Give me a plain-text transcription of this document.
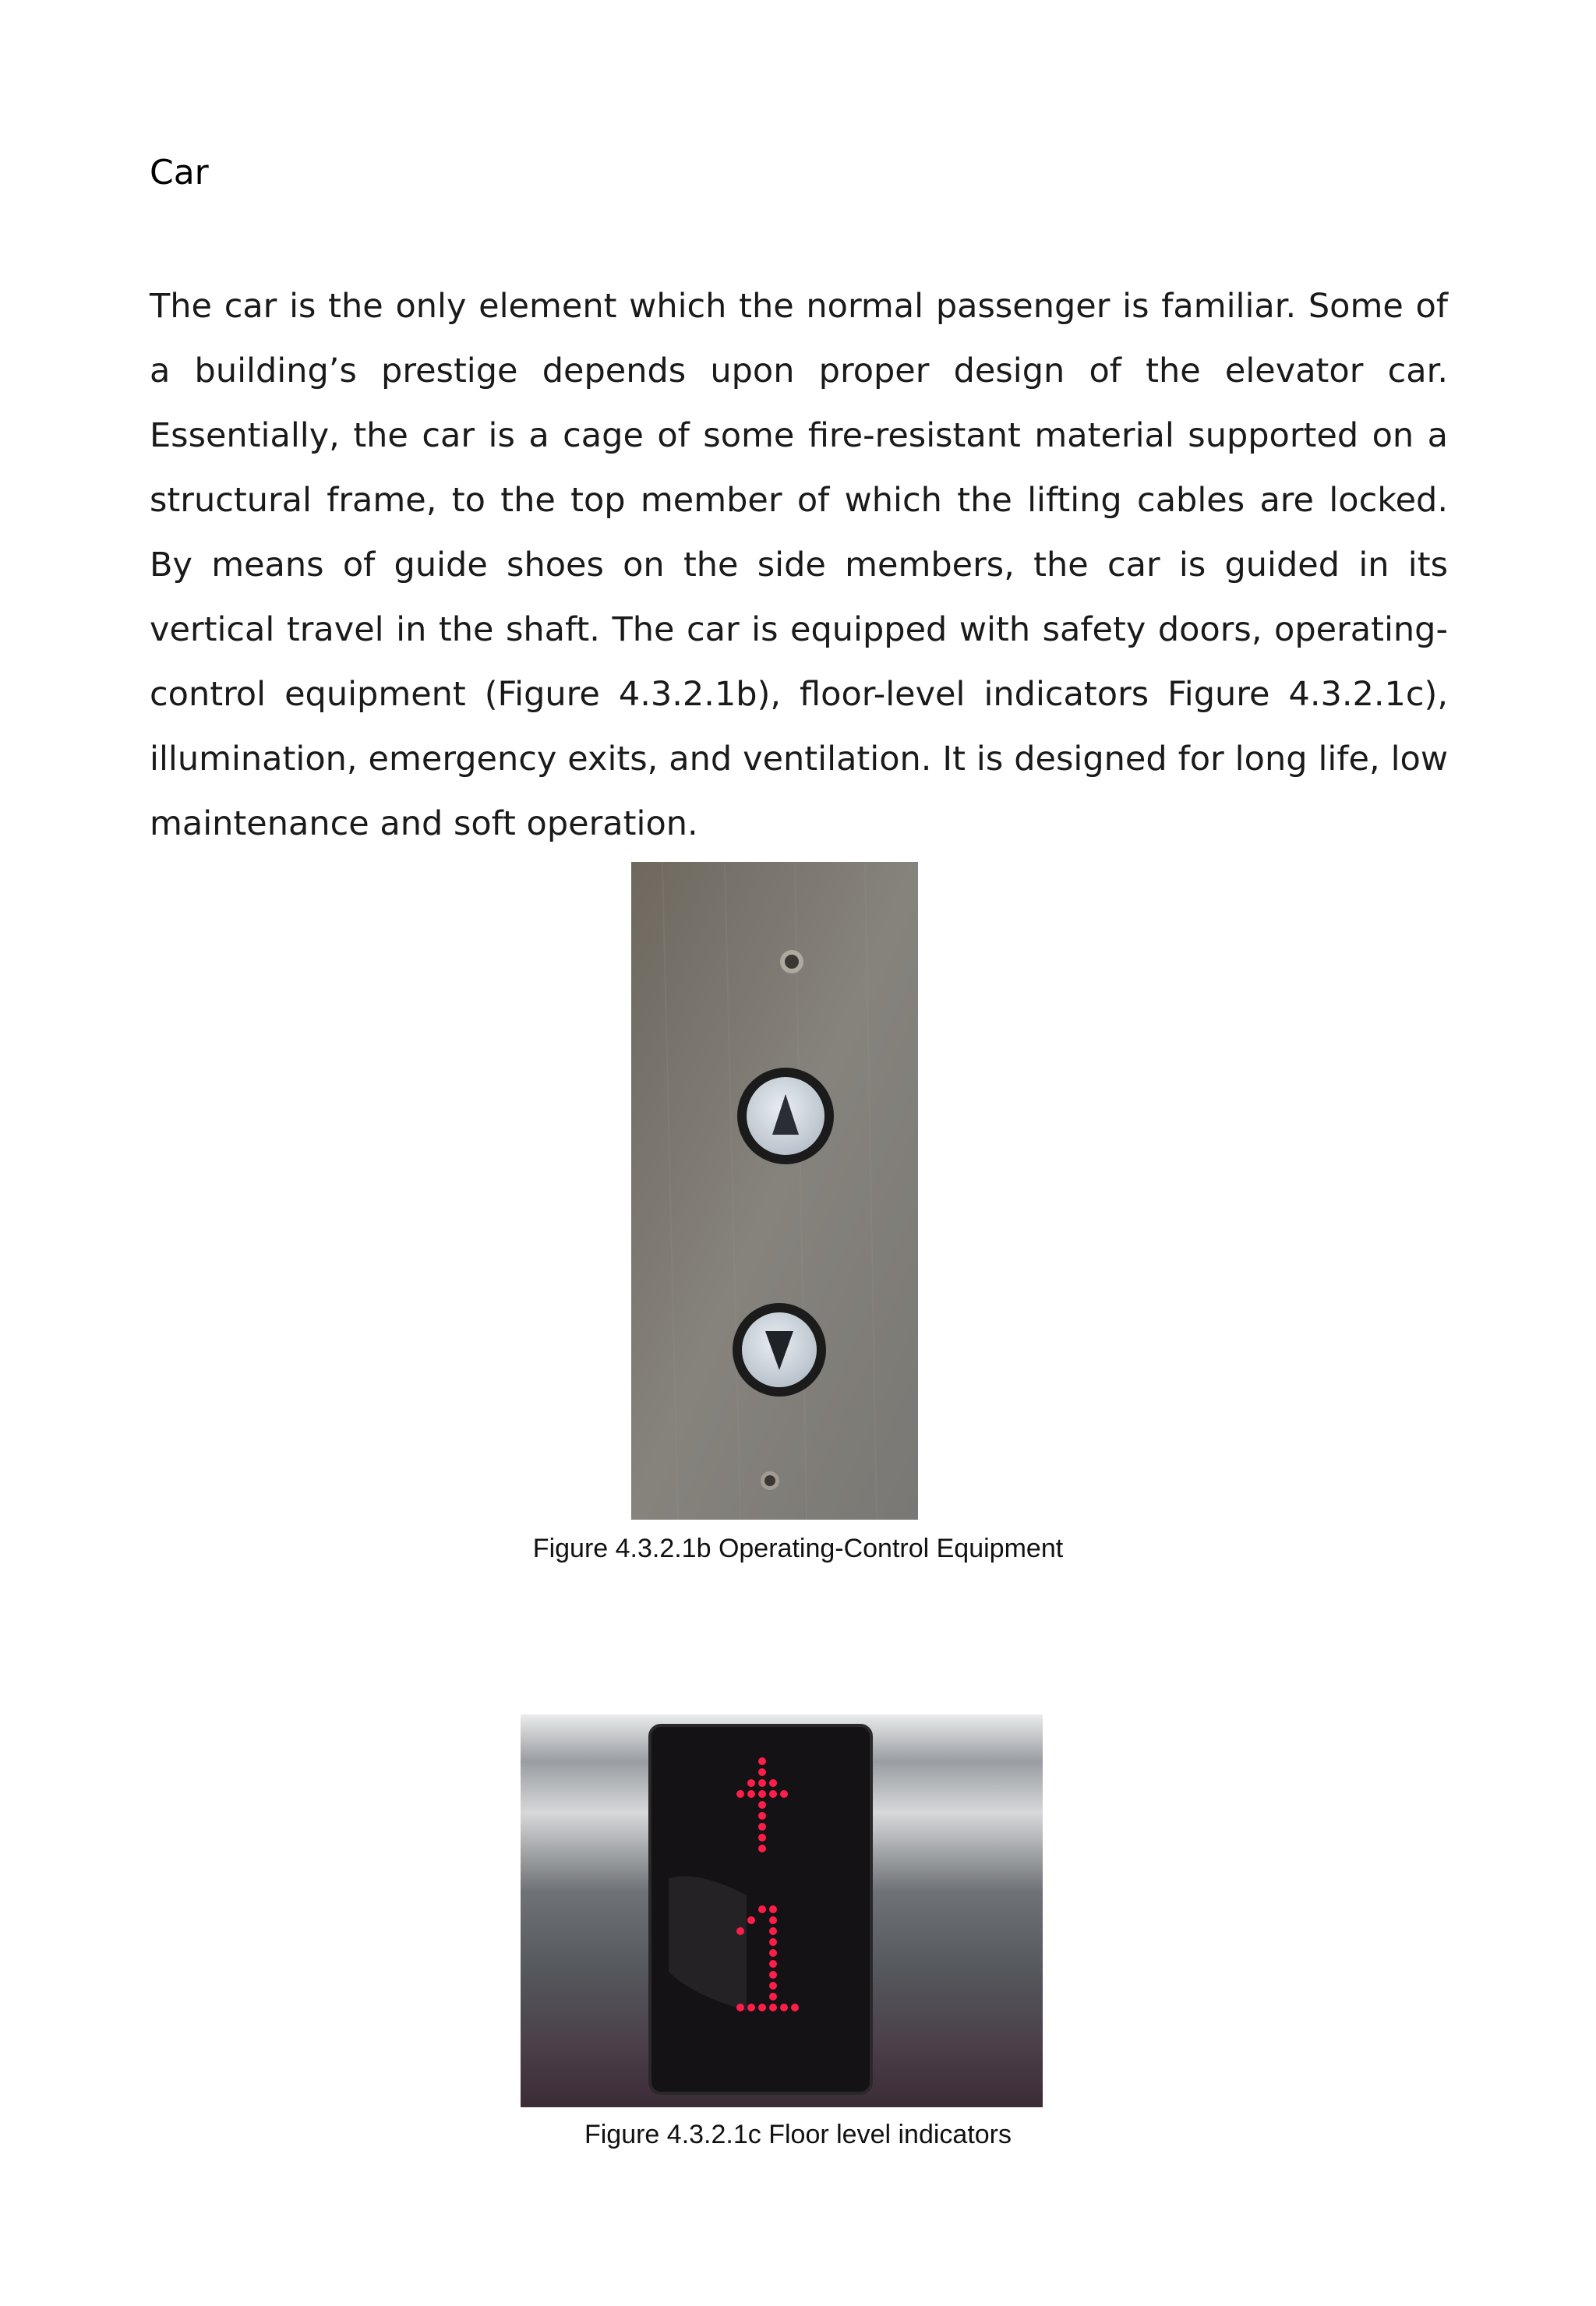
Car

The car is the only element which the normal passenger is familiar. Some of a building’s prestige depends upon proper design of the elevator car. Essentially, the car is a cage of some fire-resistant material supported on a structural frame, to the top member of which the lifting cables are locked. By means of guide shoes on the side members, the car is guided in its vertical travel in the shaft. The car is equipped with safety doors, operating-control equipment (Figure 4.3.2.1b), floor-level indicators Figure 4.3.2.1c), illumination, emergency exits, and ventilation. It is designed for long life, low maintenance and soft operation.

Figure 4.3.2.1b Operating-Control Equipment

Figure 4.3.2.1c Floor level indicators
